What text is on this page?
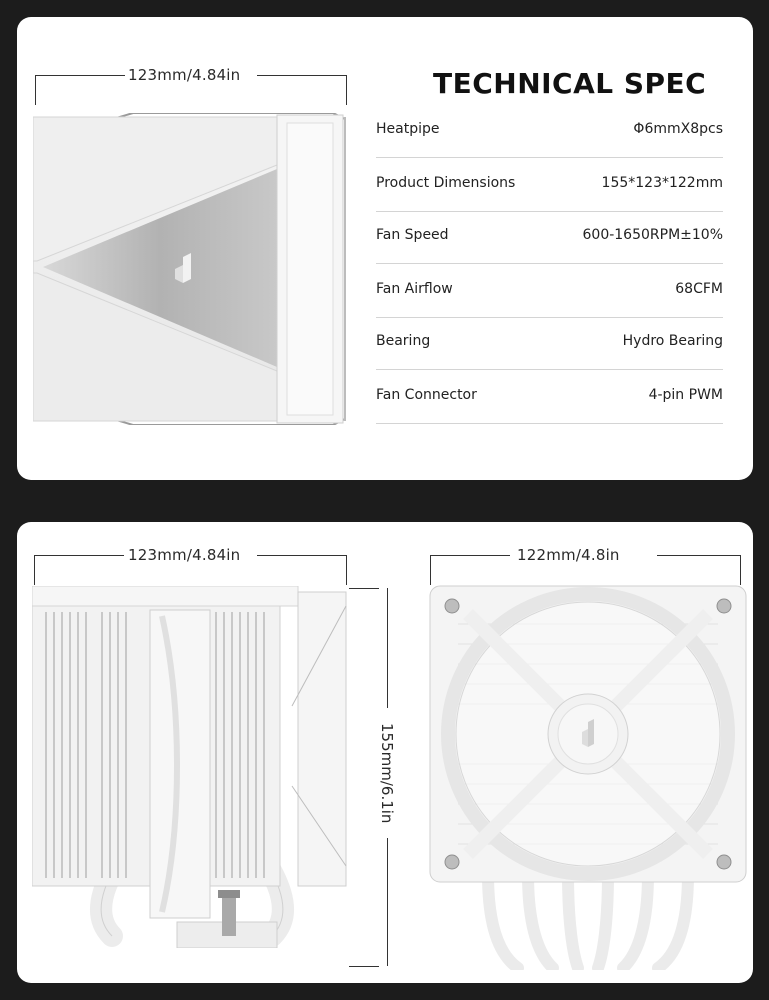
123mm/4.84in	TECHNICAL SPEC
Heatpipe	Φ6mmX8pcs
Product Dimensions	155*123*122mm
Fan Speed	600-1650RPM±10%
Fan Airflow	68CFM
Bearing	Hydro Bearing
Fan Connector	4-pin PWM
123mm/4.84in	122mm/4.8in
155mm/6.1in
